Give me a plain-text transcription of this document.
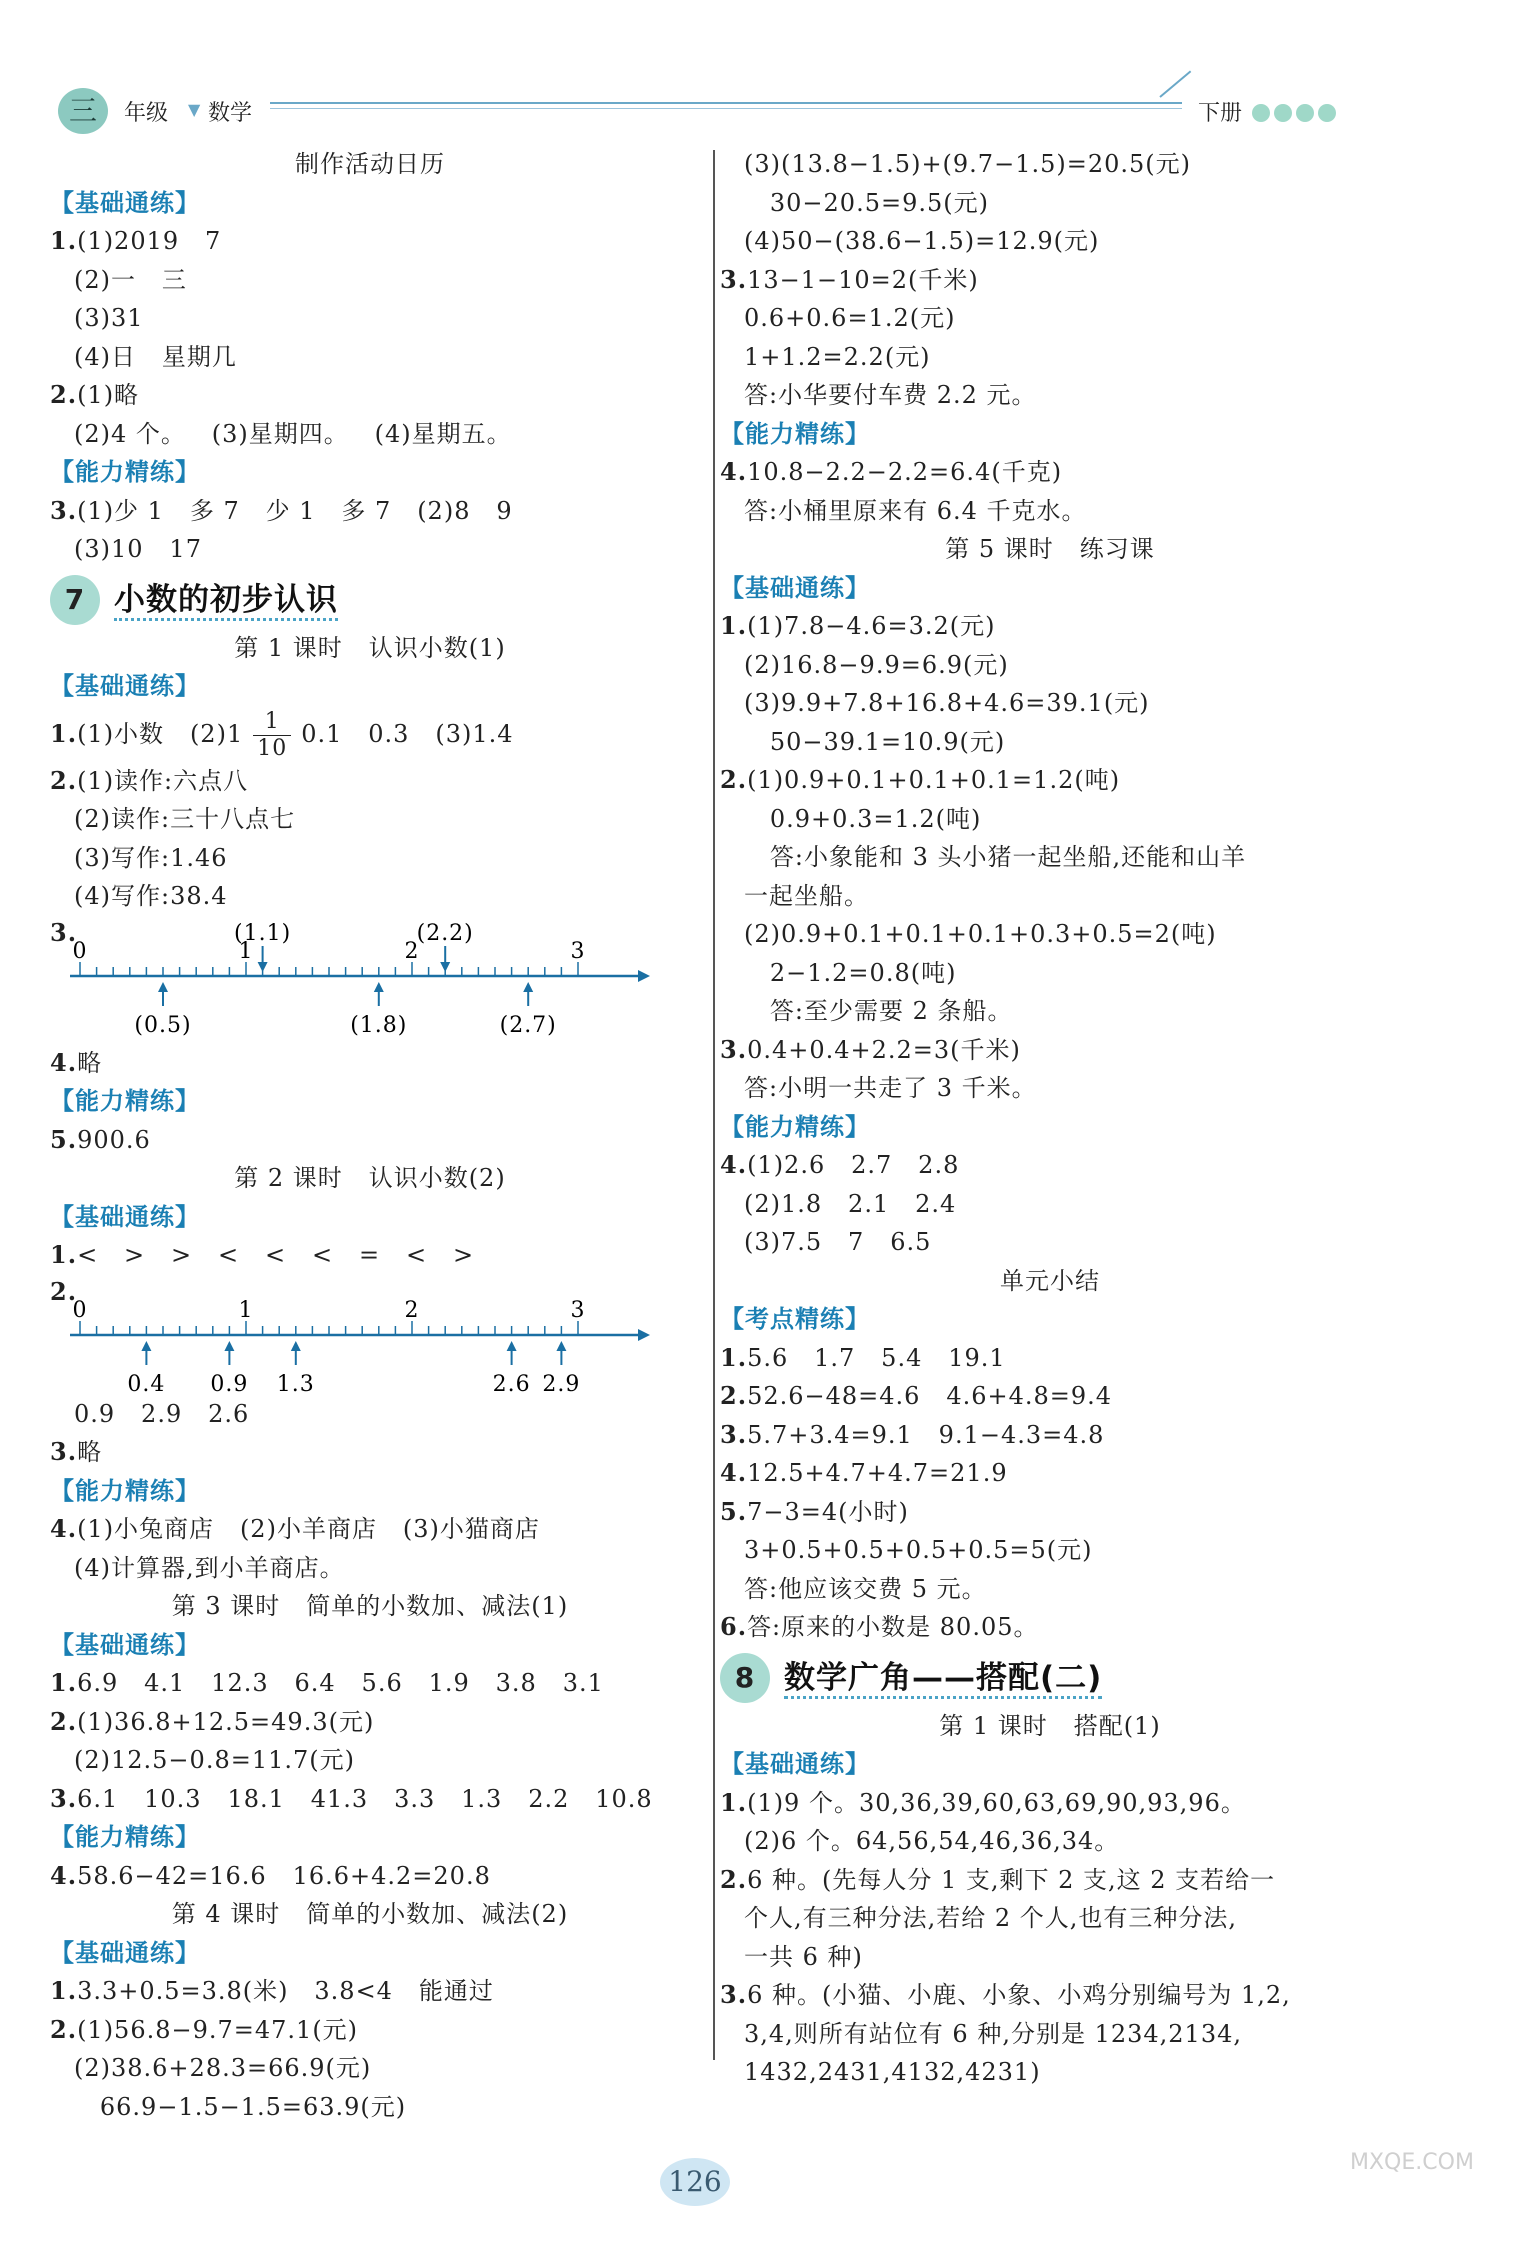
三	年级 ▼ 数学	下册
制作活动日历
【基础通练】
1.(1)2019   7
(2)一   三
(3)31
(4)日   星期几
2.(1)略
(2)4 个。   (3)星期四。   (4)星期五。
【能力精练】
3.(1)少 1   多 7   少 1   多 7   (2)8   9
(3)10   17
7 小数的初步认识
第 1 课时   认识小数(1)
【基础通练】
1.(1)小数   $(2)1 \frac{1}{10} 0.1$   0.3   (3)1.4
2.(1)读作:六点八
(2)读作:三十八点七
(3)写作:1.46
(4)写作:38.4
3.
0	1	2	3
(0.5)	(1.8)	(2.7)
(1.1)	(2.2)
4.略
【能力精练】
5.900.6
第 2 课时   认识小数(2)
【基础通练】
1.<   >   >   <   <   <   =   <   >
2.
0	1	2	3
0.4 0.9 1.3	2.6 2.9
0.9   2.9   2.6
3.略
【能力精练】
4.(1)小兔商店   (2)小羊商店   (3)小猫商店
(4)计算器,到小羊商店。
第 3 课时   简单的小数加、减法(1)
【基础通练】
1.6.9   4.1   12.3   6.4   5.6   1.9   3.8   3.1
2.(1)36.8+12.5=49.3(元)
(2)12.5−0.8=11.7(元)
3.6.1   10.3   18.1   41.3   3.3   1.3   2.2   10.8
【能力精练】
4.58.6−42=16.6   16.6+4.2=20.8
第 4 课时   简单的小数加、减法(2)
【基础通练】
1.3.3+0.5=3.8(米)   3.8<4   能通过
2.(1)56.8−9.7=47.1(元)
(2)38.6+28.3=66.9(元)
66.9−1.5−1.5=63.9(元)
(3)(13.8−1.5)+(9.7−1.5)=20.5(元)
30−20.5=9.5(元)
(4)50−(38.6−1.5)=12.9(元)
3.13−1−10=2(千米)
0.6+0.6=1.2(元)
1+1.2=2.2(元)
答:小华要付车费 2.2 元。
【能力精练】
4.10.8−2.2−2.2=6.4(千克)
答:小桶里原来有 6.4 千克水。
第 5 课时   练习课
【基础通练】
1.(1)7.8−4.6=3.2(元)
(2)16.8−9.9=6.9(元)
(3)9.9+7.8+16.8+4.6=39.1(元)
50−39.1=10.9(元)
2.(1)0.9+0.1+0.1+0.1=1.2(吨)
0.9+0.3=1.2(吨)
答:小象能和 3 头小猪一起坐船,还能和山羊
一起坐船。
(2)0.9+0.1+0.1+0.1+0.3+0.5=2(吨)
2−1.2=0.8(吨)
答:至少需要 2 条船。
3.0.4+0.4+2.2=3(千米)
答:小明一共走了 3 千米。
【能力精练】
4.(1)2.6   2.7   2.8
(2)1.8   2.1   2.4
(3)7.5   7   6.5
单元小结
【考点精练】
1.5.6   1.7   5.4   19.1
2.52.6−48=4.6   4.6+4.8=9.4
3.5.7+3.4=9.1   9.1−4.3=4.8
4.12.5+4.7+4.7=21.9
5.7−3=4(小时)
3+0.5+0.5+0.5+0.5=5(元)
答:他应该交费 5 元。
6.答:原来的小数是 80.05。
8 数学广角——搭配(二)
第 1 课时   搭配(1)
【基础通练】
1.(1)9 个。30,36,39,60,63,69,90,93,96。
(2)6 个。64,56,54,46,36,34。
2.6 种。(先每人分 1 支,剩下 2 支,这 2 支若给一
个人,有三种分法,若给 2 个人,也有三种分法,
一共 6 种)
3.6 种。(小猫、小鹿、小象、小鸡分别编号为 1,2,
3,4,则所有站位有 6 种,分别是 1234,2134,
1432,2431,4132,4231)
126
MXQE.COM
